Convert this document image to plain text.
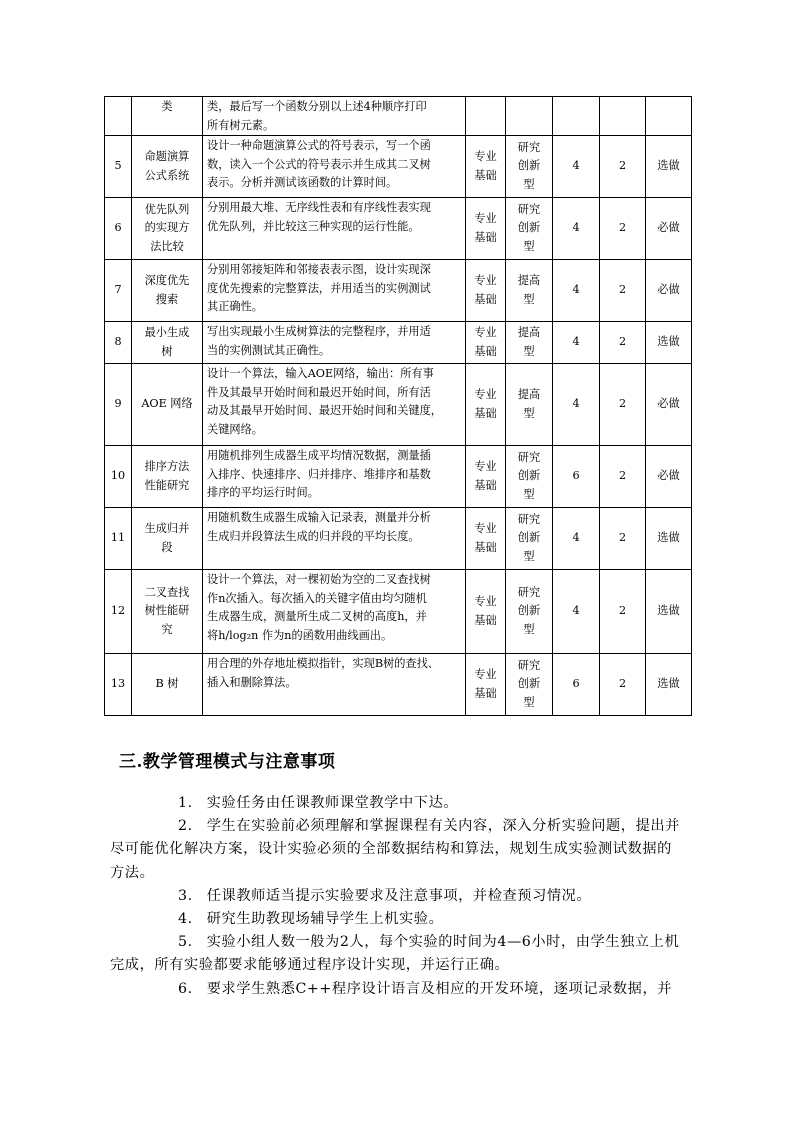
	类	类，最后写一个函数分别以上述4种顺序打印
所有树元素。					

5	命题演算
公式系统	设计一种命题演算公式的符号表示，写一个函
数，读入一个公式的符号表示并生成其二叉树
表示。分析并测试该函数的计算时间。	专业
基础	研究
创新
型	4	2	选做
6	优先队列
的实现方
法比较	分别用最大堆、无序线性表和有序线性表实现
优先队列，并比较这三种实现的运行性能。	专业
基础	研究
创新
型	4	2	必做
7	深度优先
搜索	分别用邻接矩阵和邻接表表示图，设计实现深
度优先搜索的完整算法，并用适当的实例测试
其正确性。	专业
基础	提高
型	4	2	必做
8	最小生成
树	写出实现最小生成树算法的完整程序，并用适
当的实例测试其正确性。	专业
基础	提高
型	4	2	选做
9	AOE 网络	设计一个算法，输入AOE网络，输出：所有事
件及其最早开始时间和最迟开始时间，所有活
动及其最早开始时间、最迟开始时间和关键度，
关键网络。	专业
基础	提高
型	4	2	必做
10	排序方法
性能研究	用随机排列生成器生成平均情况数据，测量插
入排序、快速排序、归并排序、堆排序和基数
排序的平均运行时间。	专业
基础	研究
创新
型	6	2	必做
11	生成归并
段	用随机数生成器生成输入记录表，测量并分析
生成归并段算法生成的归并段的平均长度。	专业
基础	研究
创新
型	4	2	选做
12	二叉查找
树性能研
究	设计一个算法，对一棵初始为空的二叉查找树
作n次插入。每次插入的关键字值由均匀随机
生成器生成，测量所生成二叉树的高度h，并
将h/log₂n 作为n的函数用曲线画出。	专业
基础	研究
创新
型	4	2	选做
13	B 树	用合理的外存地址模拟指针，实现B树的查找、
插入和删除算法。	专业
基础	研究
创新
型	6	2	选做
三.教学管理模式与注意事项

1. 实验任务由任课教师课堂教学中下达。

2. 学生在实验前必须理解和掌握课程有关内容，深入分析实验问题，提出并尽可能优化解决方案，设计实验必须的全部数据结构和算法，规划生成实验测试数据的方法。

3. 任课教师适当提示实验要求及注意事项，并检查预习情况。

4. 研究生助教现场辅导学生上机实验。

5. 实验小组人数一般为2人，每个实验的时间为4—6小时，由学生独立上机完成，所有实验都要求能够通过程序设计实现，并运行正确。

6. 要求学生熟悉C++程序设计语言及相应的开发环境，逐项记录数据，并
